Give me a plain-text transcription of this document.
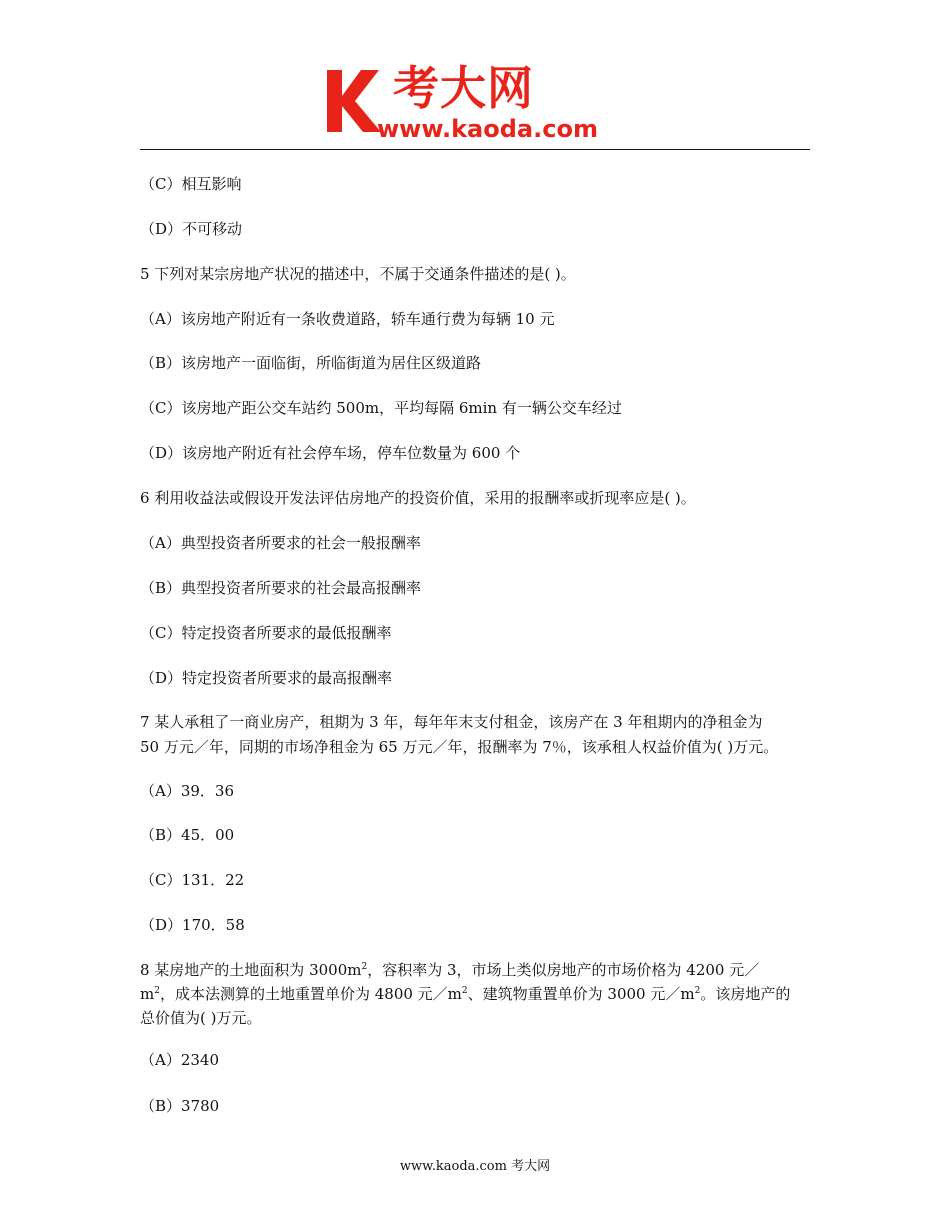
考大网
www.kaoda.com
（C）相互影响
（D）不可移动
5 下列对某宗房地产状况的描述中，不属于交通条件描述的是( )。
（A）该房地产附近有一条收费道路，轿车通行费为每辆 10 元
（B）该房地产一面临街，所临街道为居住区级道路
（C）该房地产距公交车站约 500m，平均每隔 6min 有一辆公交车经过
（D）该房地产附近有社会停车场，停车位数量为 600 个
6 利用收益法或假设开发法评估房地产的投资价值，采用的报酬率或折现率应是( )。
（A）典型投资者所要求的社会一般报酬率
（B）典型投资者所要求的社会最高报酬率
（C）特定投资者所要求的最低报酬率
（D）特定投资者所要求的最高报酬率
7 某人承租了一商业房产，租期为 3 年，每年年末支付租金，该房产在 3 年租期内的净租金为
50 万元／年，同期的市场净租金为 65 万元／年，报酬率为 7％，该承租人权益价值为( )万元。
（A）39．36
（B）45．00
（C）131．22
（D）170．58
8 某房地产的土地面积为 $3000m^2$，容积率为 3，市场上类似房地产的市场价格为 4200 元／
$m^2$，成本法测算的土地重置单价为 4800 元$/m^2$、建筑物重置单价为 3000 元$/m^2$。该房地产的
总价值为( )万元。
（A）2340
（B）3780
www.kaoda.com 考大网
